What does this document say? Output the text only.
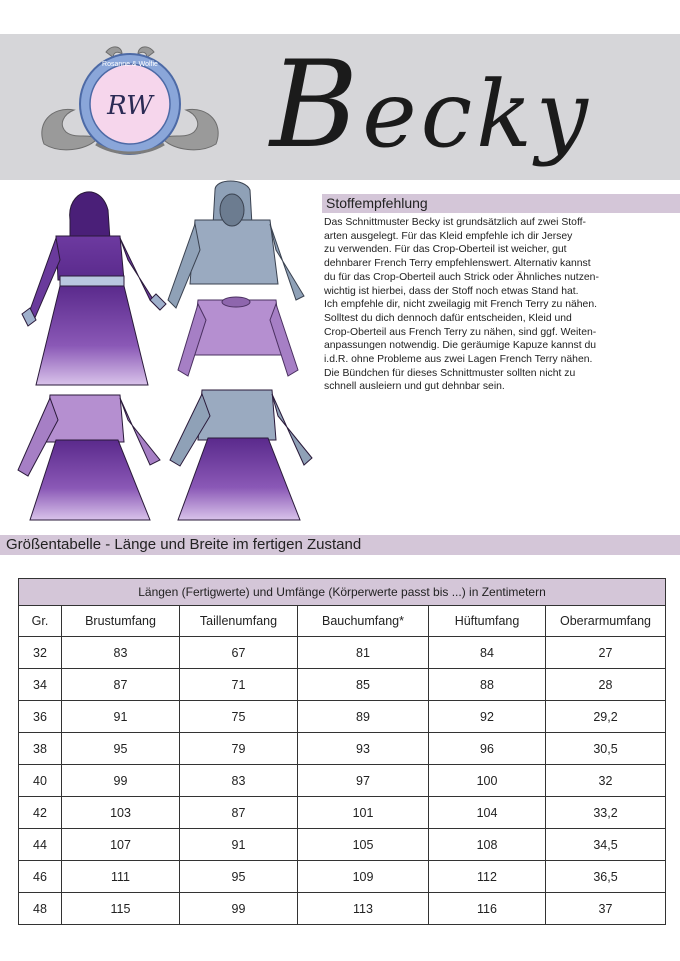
Rosanne & Wolfie
RW Becky
Stoffempfehlung
Das Schnittmuster Becky ist grundsätzlich auf zwei Stoff-
arten ausgelegt. Für das Kleid empfehle ich dir Jersey
zu verwenden. Für das Crop-Oberteil ist weicher, gut
dehnbarer French Terry empfehlenswert. Alternativ kannst
du für das Crop-Oberteil auch Strick oder Ähnliches nutzen-
wichtig ist hierbei, dass der Stoff noch etwas Stand hat.
Ich empfehle dir, nicht zweilagig mit French Terry zu nähen.
Solltest du dich dennoch dafür entscheiden, Kleid und
Crop-Oberteil aus French Terry zu nähen, sind ggf. Weiten-
anpassungen notwendig. Die geräumige Kapuze kannst du
i.d.R. ohne Probleme aus zwei Lagen French Terry nähen.
Die Bündchen für dieses Schnittmuster sollten nicht zu
schnell ausleiern und gut dehnbar sein.
Größentabelle - Länge und Breite im fertigen Zustand
Längen (Fertigwerte) und Umfänge (Körperwerte passt bis ...) in Zentimetern					
Gr.	Brustumfang	Taillenumfang	Bauchumfang*	Hüftumfang	Oberarmumfang
32	83	67	81	84	27
34	87	71	85	88	28
36	91	75	89	92	29,2
38	95	79	93	96	30,5
40	99	83	97	100	32
42	103	87	101	104	33,2
44	107	91	105	108	34,5
46	111	95	109	112	36,5
48	115	99	113	116	37
